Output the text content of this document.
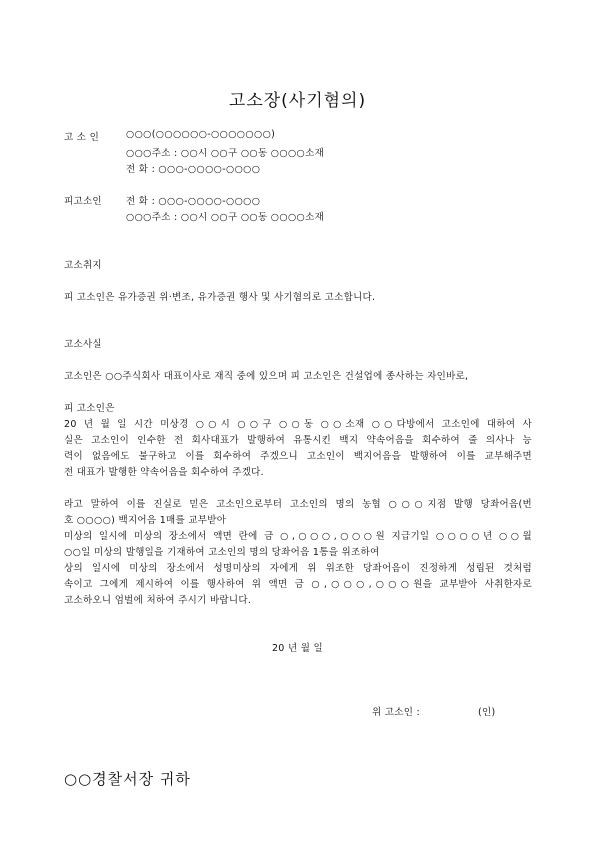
고소장(사기혐의)
고 소 인	○○○(○○○○○○-○○○○○○○)
○○○주소 : ○○시 ○○구 ○○동 ○○○○소재
전 화 : ○○○-○○○○-○○○○
피고소인	전 화 : ○○○-○○○○-○○○○
○○○주소 : ○○시 ○○구 ○○동 ○○○○소재
고소취지
피 고소인은 유가증권 위·변조, 유가증권 행사 및 사기혐의로 고소합니다.
고소사실
고소인은 ○○주식회사 대표이사로 재직 중에 있으며 피 고소인은 건설업에 종사하는 자인바로,
피 고소인은
20 년 월 일 시간 미상경 ○○시 ○○구 ○○동 ○○소재 ○○다방에서 고소인에 대하여 사
실은 고소인이 인수한 전 회사대표가 발행하여 유통시킨 백지 약속어음을 회수하여 줄 의사나 능
력이 없음에도 불구하고 이를 회수하여 주겠으니 고소인이 백지어음을 발행하여 이를 교부해주면
전 대표가 발행한 약속어음을 회수하여 주겠다.
라고 말하여 이를 진실로 믿은 고소인으로부터 고소인의 명의 농협 ○○○지점 발행 당좌어음(번
호 ○○○○) 백지어음 1매를 교부받아
미상의 일시에 미상의 장소에서 액면 란에 금 ○,○○○,○○○원 지급기일 ○○○○년 ○○월
○○일 미상의 발행일을 기재하여 고소인의 명의 당좌어음 1통을 위조하여
상의 일시에 미상의 장소에서 성명미상의 자에게 위 위조한 당좌어음이 진정하게 성립된 것처럼
속이고 그에게 제시하여 이를 행사하여 위 액면 금 ○,○○○,○○○원을 교부받아 사취한자로
고소하오니 엄벌에 처하여 주시기 바랍니다.
20 년 월 일
위 고소인 :	(인)
○○경찰서장 귀하
